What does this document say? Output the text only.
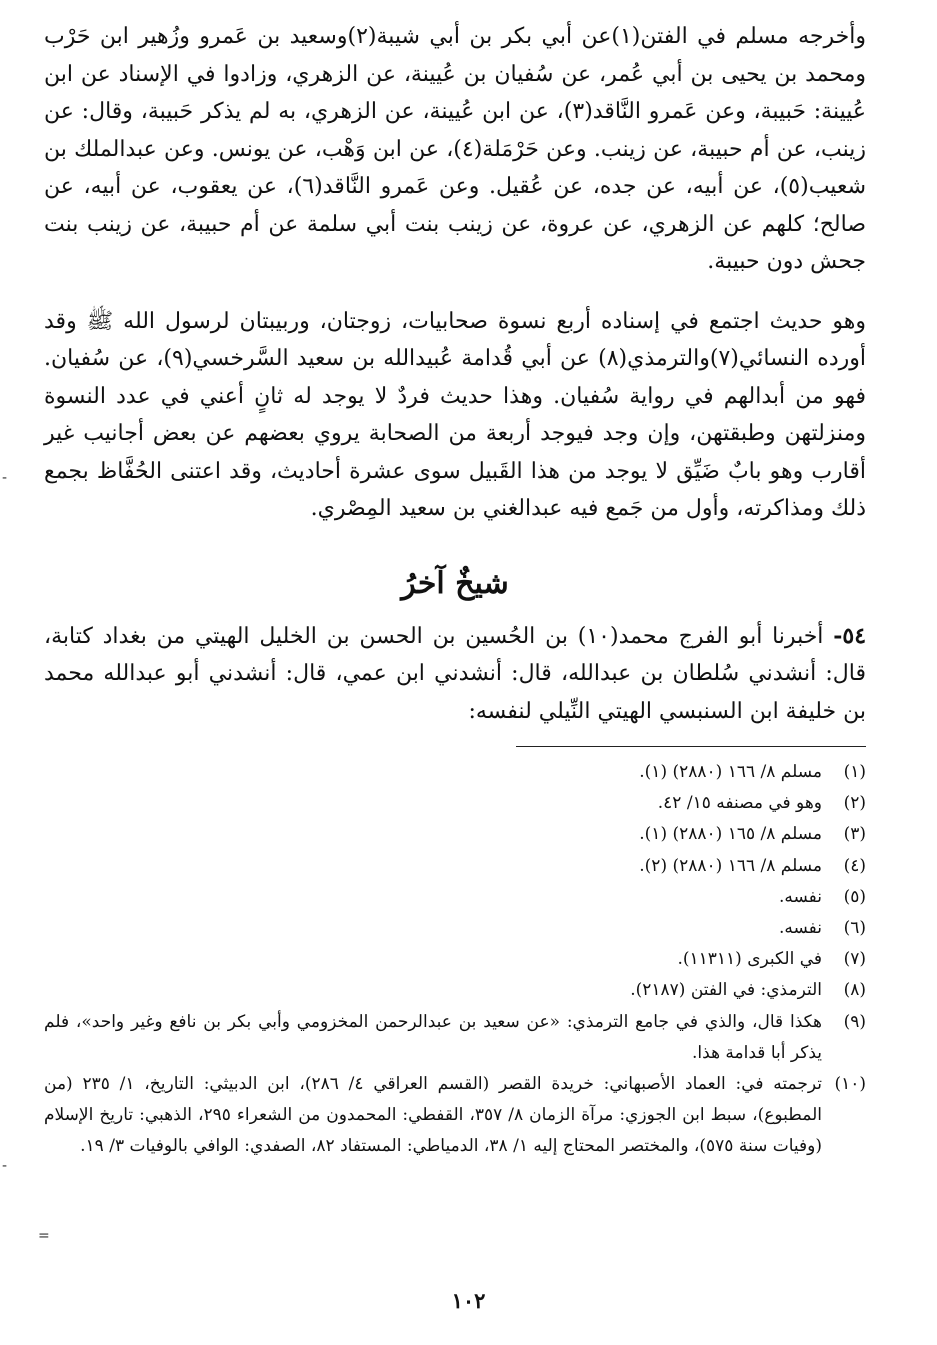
وأخرجه مسلم في الفتن(١)عن أبي بكر بن أبي شيبة(٢)وسعيد بن عَمرو وزُهير ابن حَرْب ومحمد بن يحيى بن أبي عُمر، عن سُفيان بن عُيينة، عن الزهري، وزادوا في الإسناد عن ابن عُيينة: حَبيبة، وعن عَمرو النَّاقد(٣)، عن ابن عُيينة، عن الزهري، به لم يذكر حَبيبة، وقال: عن زينب، عن أم حبيبة، عن زينب. وعن حَرْمَلة(٤)، عن ابن وَهْب، عن يونس. وعن عبدالملك بن شعيب(٥)، عن أبيه، عن جده، عن عُقيل. وعن عَمرو النَّاقد(٦)، عن يعقوب، عن أبيه، عن صالح؛ كلهم عن الزهري، عن عروة، عن زينب بنت أبي سلمة عن أم حبيبة، عن زينب بنت جحش دون حبيبة.

وهو حديث اجتمع في إسناده أربع نسوة صحابيات، زوجتان، وربيبتان لرسول الله ﷺ وقد أورده النسائي(٧)والترمذي(٨) عن أبي قُدامة عُبيدالله بن سعيد السَّرخسي(٩)، عن سُفيان. فهو من أبدالهم في رواية سُفيان. وهذا حديث فردٌ لا يوجد له ثانٍ أعني في عدد النسوة ومنزلتهن وطبقتهن، وإن وجد فيوجد أربعة من الصحابة يروي بعضهم عن بعض أجانيب غير أقارب وهو بابٌ ضَيِّق لا يوجد من هذا القَبيل سوى عشرة أحاديث، وقد اعتنى الحُفَّاظ بجمع ذلك ومذاكرته، وأول من جَمع فيه عبدالغني بن سعيد المِصْري.

شيخٌ آخرُ

٥٤- أخبرنا أبو الفرج محمد(١٠) بن الحُسين بن الحسن بن الخليل الهيتي من بغداد كتابة، قال: أنشدني سُلطان بن عبدالله، قال: أنشدني ابن عمي، قال: أنشدني أبو عبدالله محمد بن خليفة ابن السنبسي الهيتي النِّيلي لنفسه:

(١)
مسلم ٨/ ١٦٦ (٢٨٨٠) (١).
(٢)
وهو في مصنفه ١٥/ ٤٢.
(٣)
مسلم ٨/ ١٦٥ (٢٨٨٠) (١).
(٤)
مسلم ٨/ ١٦٦ (٢٨٨٠) (٢).
(٥)
نفسه.
(٦)
نفسه.
(٧)
في الكبرى (١١٣١١).
(٨)
الترمذي: في الفتن (٢١٨٧).
(٩)
هكذا قال، والذي في جامع الترمذي: «عن سعيد بن عبدالرحمن المخزومي وأبي بكر بن نافع وغير واحد»، فلم يذكر أبا قدامة هذا.
(١٠)
ترجمته في: العماد الأصبهاني: خريدة القصر (القسم العراقي ٤/ ٢٨٦)، ابن الدبيثي: التاريخ، ١/ ٢٣٥ (من المطبوع)، سبط ابن الجوزي: مرآة الزمان ٨/ ٣٥٧، القفطي: المحمدون من الشعراء ٢٩٥، الذهبي: تاريخ الإسلام (وفيات سنة ٥٧٥)، والمختصر المحتاج إليه ١/ ٣٨، الدمياطي: المستفاد ٨٢، الصفدي: الوافي بالوفيات ٣/ ١٩.
١٠٢
-
-
=
